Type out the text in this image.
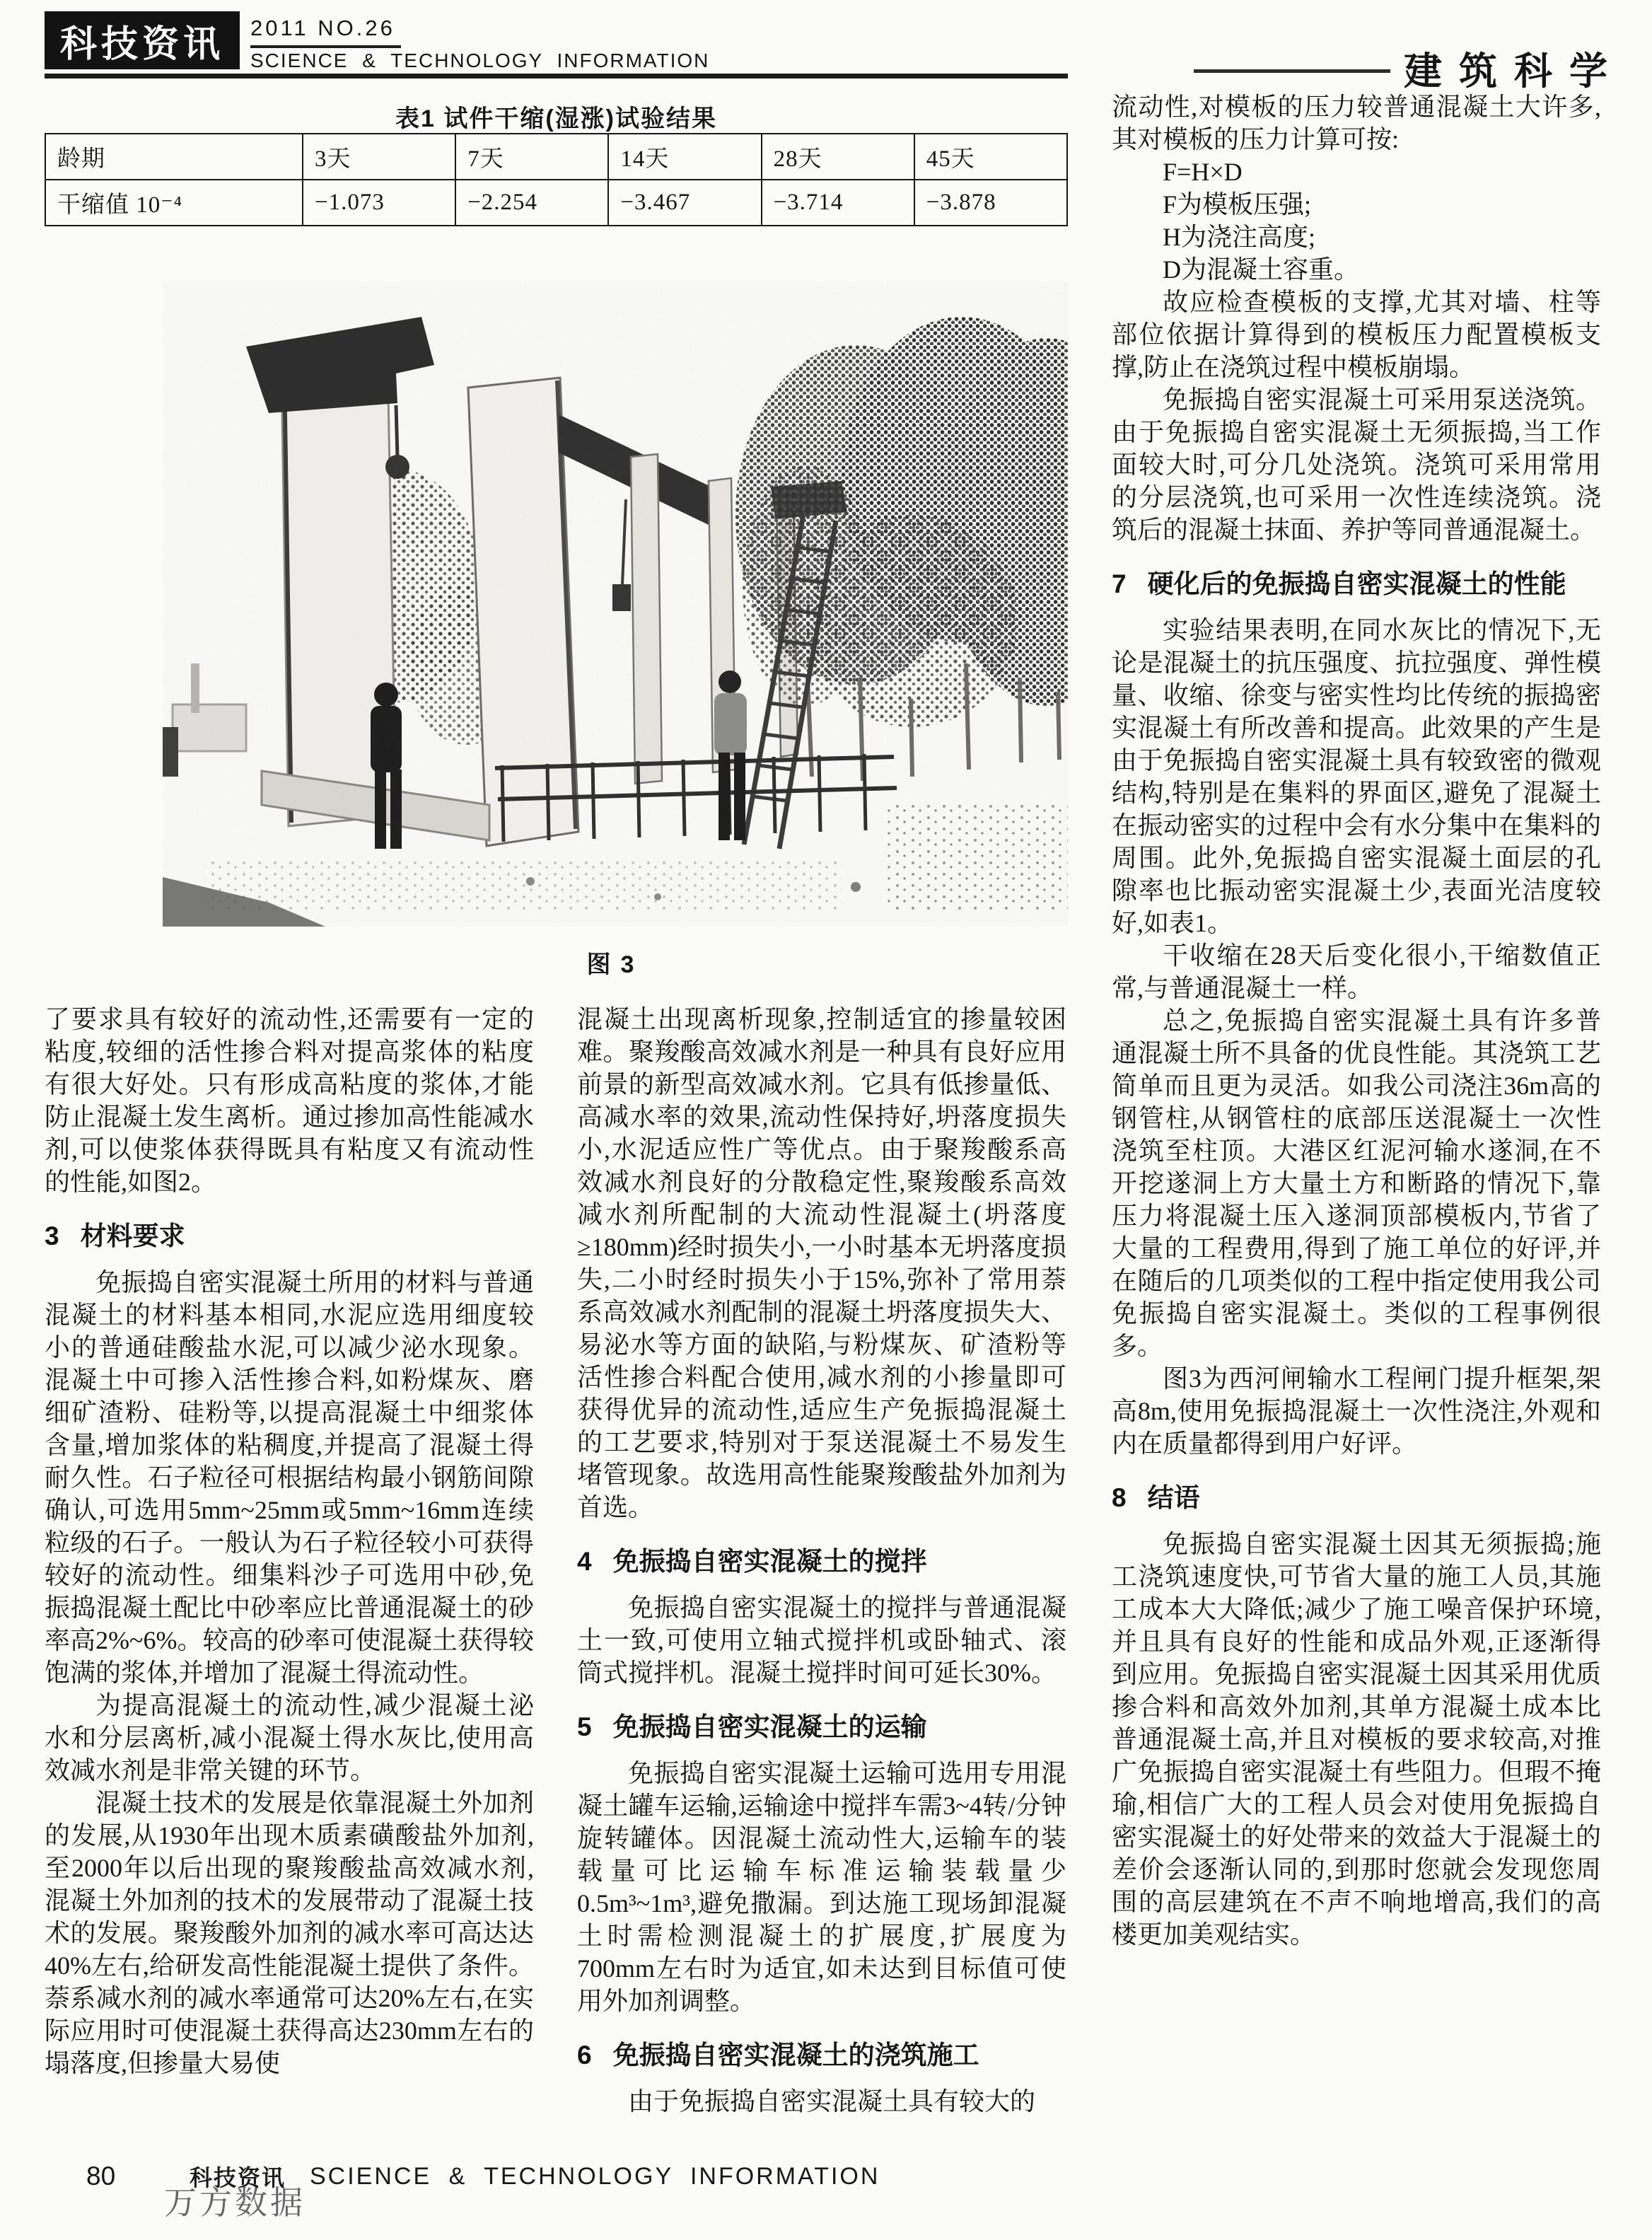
科技资讯 2011 NO.26
SCIENCE & TECHNOLOGY INFORMATION	建筑科学
表1 试件干缩(湿涨)试验结果
龄期	3天	7天	14天	28天	45天
干缩值 10⁻⁴	−1.073	−2.254	−3.467	−3.714	−3.878
图3

了要求具有较好的流动性,还需要有一定的粘度,较细的活性掺合料对提高浆体的粘度有很大好处。只有形成高粘度的浆体,才能防止混凝土发生离析。通过掺加高性能减水剂,可以使浆体获得既具有粘度又有流动性的性能,如图2。

3 材料要求

免振捣自密实混凝土所用的材料与普通混凝土的材料基本相同,水泥应选用细度较小的普通硅酸盐水泥,可以减少泌水现象。混凝土中可掺入活性掺合料,如粉煤灰、磨细矿渣粉、硅粉等,以提高混凝土中细浆体含量,增加浆体的粘稠度,并提高了混凝土得耐久性。石子粒径可根据结构最小钢筋间隙确认,可选用5mm~25mm或5mm~16mm连续粒级的石子。一般认为石子粒径较小可获得较好的流动性。细集料沙子可选用中砂,免振捣混凝土配比中砂率应比普通混凝土的砂率高2%~6%。较高的砂率可使混凝土获得较饱满的浆体,并增加了混凝土得流动性。

为提高混凝土的流动性,减少混凝土泌水和分层离析,减小混凝土得水灰比,使用高效减水剂是非常关键的环节。

混凝土技术的发展是依靠混凝土外加剂的发展,从1930年出现木质素磺酸盐外加剂,至2000年以后出现的聚羧酸盐高效减水剂,混凝土外加剂的技术的发展带动了混凝土技术的发展。聚羧酸外加剂的减水率可高达达40%左右,给研发高性能混凝土提供了条件。萘系减水剂的减水率通常可达20%左右,在实际应用时可使混凝土获得高达230mm左右的塌落度,但掺量大易使

混凝土出现离析现象,控制适宜的掺量较困难。聚羧酸高效减水剂是一种具有良好应用前景的新型高效减水剂。它具有低掺量低、高减水率的效果,流动性保持好,坍落度损失小,水泥适应性广等优点。由于聚羧酸系高效减水剂良好的分散稳定性,聚羧酸系高效减水剂所配制的大流动性混凝土(坍落度≥180mm)经时损失小,一小时基本无坍落度损失,二小时经时损失小于15%,弥补了常用萘系高效减水剂配制的混凝土坍落度损失大、易泌水等方面的缺陷,与粉煤灰、矿渣粉等活性掺合料配合使用,减水剂的小掺量即可获得优异的流动性,适应生产免振捣混凝土的工艺要求,特别对于泵送混凝土不易发生堵管现象。故选用高性能聚羧酸盐外加剂为首选。

4 免振捣自密实混凝土的搅拌

免振捣自密实混凝土的搅拌与普通混凝土一致,可使用立轴式搅拌机或卧轴式、滚筒式搅拌机。混凝土搅拌时间可延长30%。

5 免振捣自密实混凝土的运输

免振捣自密实混凝土运输可选用专用混凝土罐车运输,运输途中搅拌车需3~4转/分钟旋转罐体。因混凝土流动性大,运输车的装载量可比运输车标准运输装载量少0.5m³~1m³,避免撒漏。到达施工现场卸混凝土时需检测混凝土的扩展度,扩展度为700mm左右时为适宜,如未达到目标值可使用外加剂调整。

6 免振捣自密实混凝土的浇筑施工

由于免振捣自密实混凝土具有较大的

流动性,对模板的压力较普通混凝土大许多,其对模板的压力计算可按:

F=H×D

F为模板压强;

H为浇注高度;

D为混凝土容重。

故应检查模板的支撑,尤其对墙、柱等部位依据计算得到的模板压力配置模板支撑,防止在浇筑过程中模板崩塌。

免振捣自密实混凝土可采用泵送浇筑。由于免振捣自密实混凝土无须振捣,当工作面较大时,可分几处浇筑。浇筑可采用常用的分层浇筑,也可采用一次性连续浇筑。浇筑后的混凝土抹面、养护等同普通混凝土。

7 硬化后的免振捣自密实混凝土的性能

实验结果表明,在同水灰比的情况下,无论是混凝土的抗压强度、抗拉强度、弹性模量、收缩、徐变与密实性均比传统的振捣密实混凝土有所改善和提高。此效果的产生是由于免振捣自密实混凝土具有较致密的微观结构,特别是在集料的界面区,避免了混凝土在振动密实的过程中会有水分集中在集料的周围。此外,免振捣自密实混凝土面层的孔隙率也比振动密实混凝土少,表面光洁度较好,如表1。

干收缩在28天后变化很小,干缩数值正常,与普通混凝土一样。

总之,免振捣自密实混凝土具有许多普通混凝土所不具备的优良性能。其浇筑工艺简单而且更为灵活。如我公司浇注36m高的钢管柱,从钢管柱的底部压送混凝土一次性浇筑至柱顶。大港区红泥河输水遂洞,在不开挖遂洞上方大量土方和断路的情况下,靠压力将混凝土压入遂洞顶部模板内,节省了大量的工程费用,得到了施工单位的好评,并在随后的几项类似的工程中指定使用我公司免振捣自密实混凝土。类似的工程事例很多。

图3为西河闸输水工程闸门提升框架,架高8m,使用免振捣混凝土一次性浇注,外观和内在质量都得到用户好评。

8 结语

免振捣自密实混凝土因其无须振捣;施工浇筑速度快,可节省大量的施工人员,其施工成本大大降低;减少了施工噪音保护环境,并且具有良好的性能和成品外观,正逐渐得到应用。免振捣自密实混凝土因其采用优质掺合料和高效外加剂,其单方混凝土成本比普通混凝土高,并且对模板的要求较高,对推广免振捣自密实混凝土有些阻力。但瑕不掩瑜,相信广大的工程人员会对使用免振捣自密实混凝土的好处带来的效益大于混凝土的差价会逐渐认同的,到那时您就会发现您周围的高层建筑在不声不响地增高,我们的高楼更加美观结实。

80
万方数据
科技资讯 SCIENCE & TECHNOLOGY INFORMATION
